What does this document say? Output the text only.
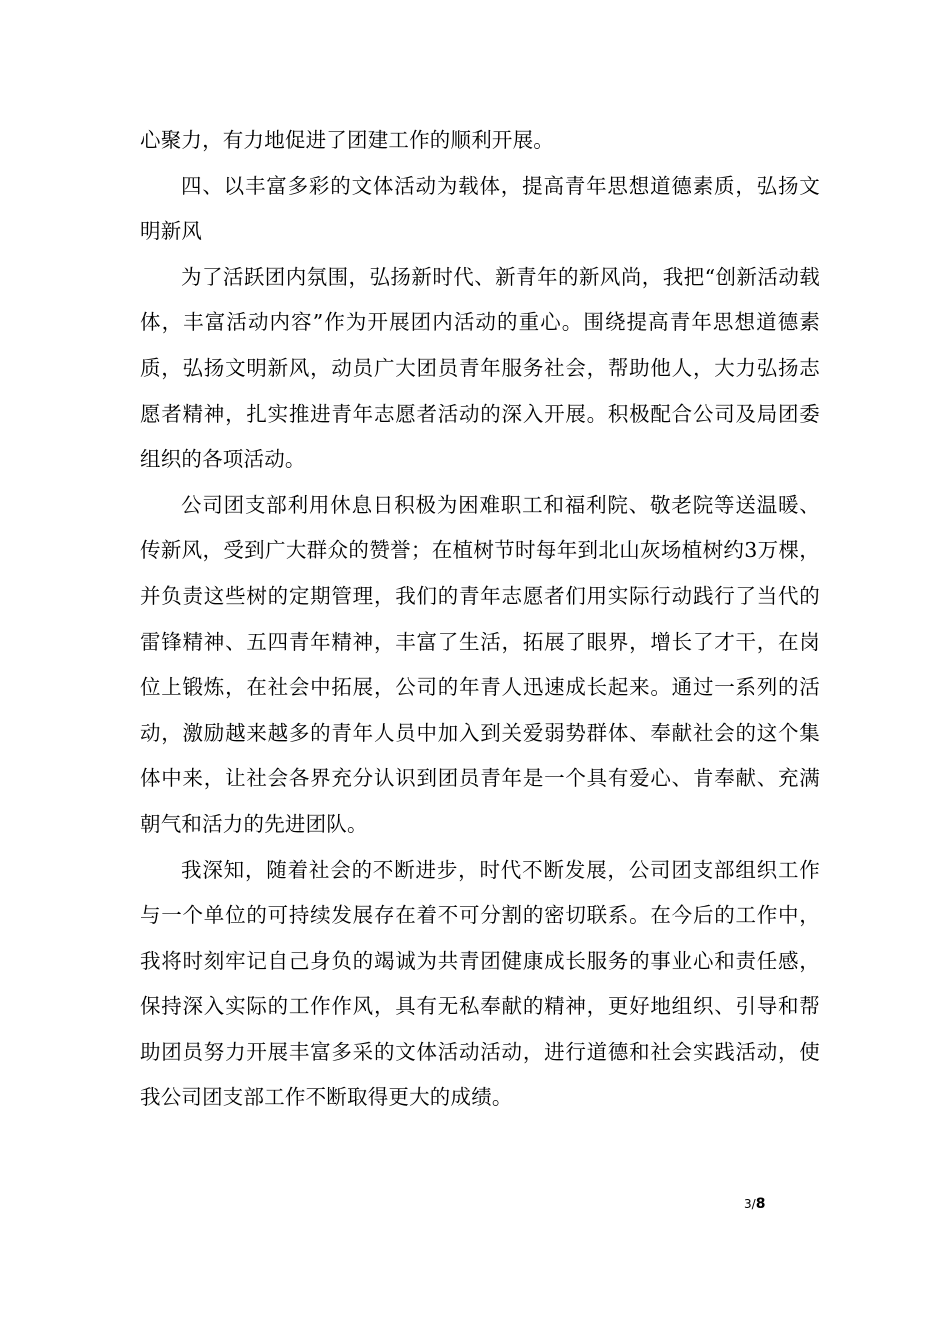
心聚力，有力地促进了团建工作的顺利开展。

四、以丰富多彩的文体活动为载体，提高青年思想道德素质，弘扬文明新风

为了活跃团内氛围，弘扬新时代、新青年的新风尚，我把“创新活动载体，丰富活动内容”作为开展团内活动的重心。围绕提高青年思想道德素质，弘扬文明新风，动员广大团员青年服务社会，帮助他人，大力弘扬志愿者精神，扎实推进青年志愿者活动的深入开展。积极配合公司及局团委组织的各项活动。

公司团支部利用休息日积极为困难职工和福利院、敬老院等送温暖、传新风，受到广大群众的赞誉；在植树节时每年到北山灰场植树约3万棵，并负责这些树的定期管理，我们的青年志愿者们用实际行动践行了当代的雷锋精神、五四青年精神，丰富了生活，拓展了眼界，增长了才干，在岗位上锻炼，在社会中拓展，公司的年青人迅速成长起来。通过一系列的活动，激励越来越多的青年人员中加入到关爱弱势群体、奉献社会的这个集体中来，让社会各界充分认识到团员青年是一个具有爱心、肯奉献、充满朝气和活力的先进团队。

我深知，随着社会的不断进步，时代不断发展，公司团支部组织工作与一个单位的可持续发展存在着不可分割的密切联系。在今后的工作中，我将时刻牢记自己身负的竭诚为共青团健康成长服务的事业心和责任感，保持深入实际的工作作风，具有无私奉献的精神，更好地组织、引导和帮助团员努力开展丰富多采的文体活动活动，进行道德和社会实践活动，使我公司团支部工作不断取得更大的成绩。

3/8
